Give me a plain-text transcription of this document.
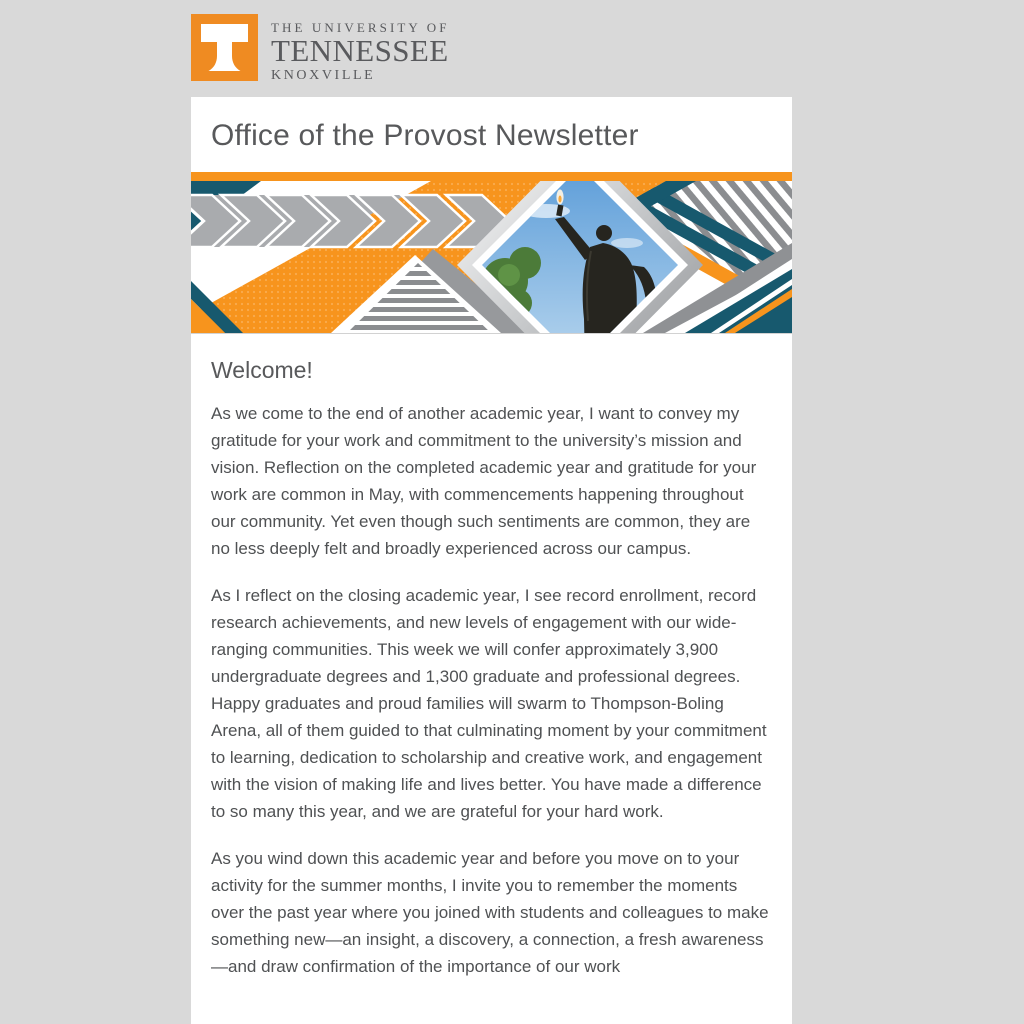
THE UNIVERSITY OF
TENNESSEE
KNOXVILLE
Office of the Provost Newsletter
Welcome!

As we come to the end of another academic year, I want to convey my gratitude for your work and commitment to the university’s mission and vision. Reflection on the completed academic year and gratitude for your work are common in May, with commencements happening throughout our community. Yet even though such sentiments are common, they are no less deeply felt and broadly experienced across our campus.

As I reflect on the closing academic year, I see record enrollment, record research achievements, and new levels of engagement with our wide-ranging communities. This week we will confer approximately 3,900 undergraduate degrees and 1,300 graduate and professional degrees. Happy graduates and proud families will swarm to Thompson-Boling Arena, all of them guided to that culminating moment by your commitment to learning, dedication to scholarship and creative work, and engagement with the vision of making life and lives better. You have made a difference to so many this year, and we are grateful for your hard work.

As you wind down this academic year and before you move on to your activity for the summer months, I invite you to remember the moments over the past year where you joined with students and colleagues to make something new—an insight, a discovery, a connection, a fresh awareness—and draw confirmation of the importance of our work
